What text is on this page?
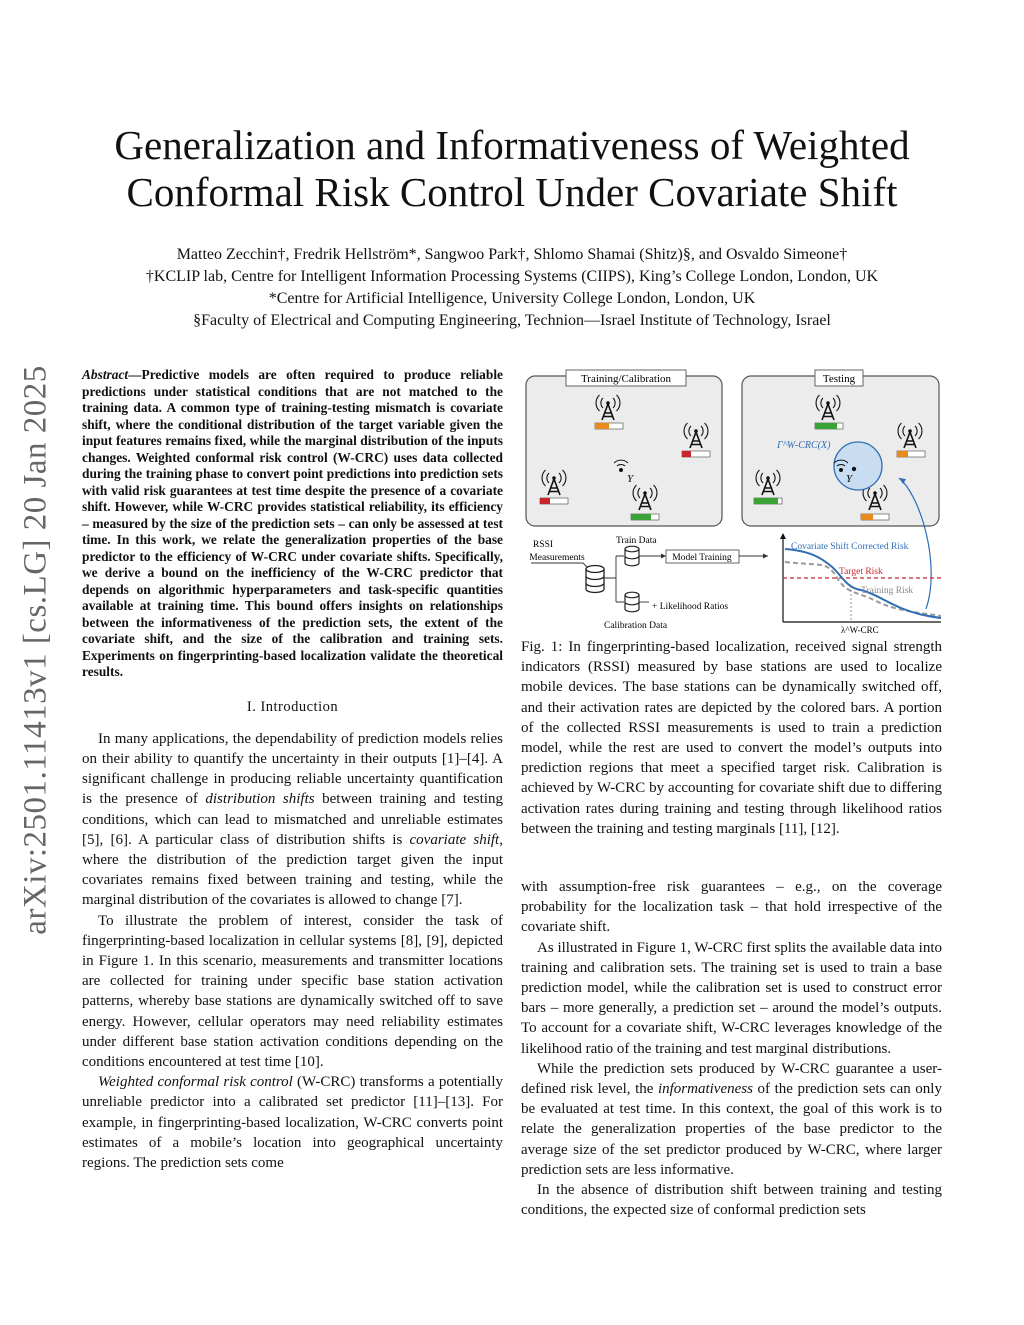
arXiv:2501.11413v1 [cs.LG] 20 Jan 2025
Generalization and Informativeness of Weighted Conformal Risk Control Under Covariate Shift
Matteo Zecchin†, Fredrik Hellström*, Sangwoo Park†, Shlomo Shamai (Shitz)§, and Osvaldo Simeone†
†KCLIP lab, Centre for Intelligent Information Processing Systems (CIIPS), King’s College London, London, UK
*Centre for Artificial Intelligence, University College London, London, UK
§Faculty of Electrical and Computing Engineering, Technion—Israel Institute of Technology, Israel
Abstract—Predictive models are often required to produce reliable predictions under statistical conditions that are not matched to the training data. A common type of training-testing mismatch is covariate shift, where the conditional distribution of the target variable given the input features remains fixed, while the marginal distribution of the inputs changes. Weighted conformal risk control (W-CRC) uses data collected during the training phase to convert point predictions into prediction sets with valid risk guarantees at test time despite the presence of a covariate shift. However, while W-CRC provides statistical reliability, its efficiency – measured by the size of the prediction sets – can only be assessed at test time. In this work, we relate the generalization properties of the base predictor to the efficiency of W-CRC under covariate shifts. Specifically, we derive a bound on the inefficiency of the W-CRC predictor that depends on algorithmic hyperparameters and task-specific quantities available at training time. This bound offers insights on relationships between the informativeness of the prediction sets, the extent of the covariate shift, and the size of the calibration and training sets. Experiments on fingerprinting-based localization validate the theoretical results.
I. Introduction

In many applications, the dependability of prediction models relies on their ability to quantify the uncertainty in their outputs [1]–[4]. A significant challenge in producing reliable uncertainty quantification is the presence of distribution shifts between training and testing conditions, which can lead to mismatched and unreliable estimates [5], [6]. A particular class of distribution shifts is covariate shift, where the distribution of the prediction target given the input covariates remains fixed between training and testing, while the marginal distribution of the covariates is allowed to change [7].

To illustrate the problem of interest, consider the task of fingerprinting-based localization in cellular systems [8], [9], depicted in Figure 1. In this scenario, measurements and transmitter locations are collected for training under specific base station activation patterns, whereby base stations are dynamically switched off to save energy. However, cellular operators may need reliability estimates under different base station activation conditions depending on the conditions encountered at test time [10].

Weighted conformal risk control (W-CRC) transforms a potentially unreliable predictor into a calibrated set predictor [11]–[13]. For example, in fingerprinting-based localization, W-CRC converts point estimates of a mobile’s location into geographical uncertainty regions. The prediction sets come

Training/Calibration	Testing
Y	Y
Γ^W-CRC(X)
RSSI
Measurements
Train Data
Model Training
+ Likelihood Ratios
Calibration Data
Covariate Shift Corrected Risk
Target Risk
Training Risk
λ^W-CRC
Fig. 1: In fingerprinting-based localization, received signal strength indicators (RSSI) measured by base stations are used to localize mobile devices. The base stations can be dynamically switched off, and their activation rates are depicted by the colored bars. A portion of the collected RSSI measurements is used to train a prediction model, while the rest are used to convert the model’s outputs into prediction regions that meet a specified target risk. Calibration is achieved by W-CRC by accounting for covariate shift due to differing activation rates during training and testing through likelihood ratios between the training and testing marginals [11], [12].

with assumption-free risk guarantees – e.g., on the coverage probability for the localization task – that hold irrespective of the covariate shift.

As illustrated in Figure 1, W-CRC first splits the available data into training and calibration sets. The training set is used to train a base prediction model, while the calibration set is used to construct error bars – more generally, a prediction set – around the model’s outputs. To account for a covariate shift, W-CRC leverages knowledge of the likelihood ratio of the training and test marginal distributions.

While the prediction sets produced by W-CRC guarantee a user-defined risk level, the informativeness of the prediction sets can only be evaluated at test time. In this context, the goal of this work is to relate the generalization properties of the base predictor to the average size of the set predictor produced by W-CRC, where larger prediction sets are less informative.

In the absence of distribution shift between training and testing conditions, the expected size of conformal prediction sets
